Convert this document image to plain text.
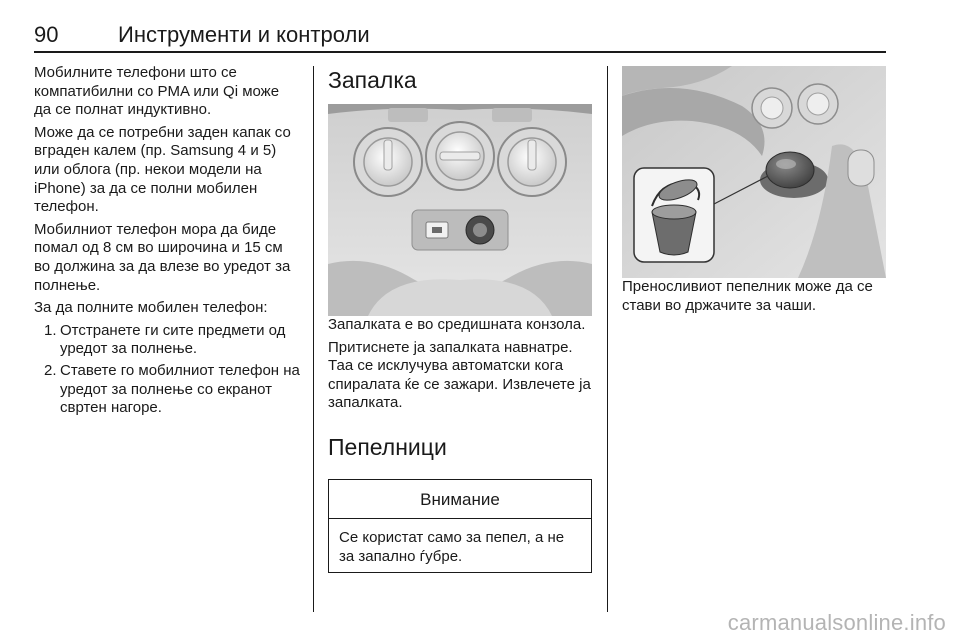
90	Инструменти и контроли

Мобилните телефони што се компатибилни со PMA или Qi може да се полнат индуктивно.

Може да се потребни заден капак со вграден калем (пр. Samsung 4 и 5) или облога (пр. некои модели на iPhone) за да се полни мобилен телефон.

Мобилниот телефон мора да биде помал од 8 см во широчина и 15 см во должина за да влезе во уредот за полнење.

За да полните мобилен телефон:

1. Отстранете ги сите предмети од уредот за полнење.
2. Ставете го мобилниот телефон на уредот за полнење со екранот свртен нагоре.
Запалка

Запалката е во средишната конзола.

Притиснете ја запалката навнатре. Таа се исклучува автоматски кога спиралата ќе се зажари. Извлечете ја запалката.

Пепелници
Внимание
Се користат само за пепел, а не за запално ѓубре.

Преносливиот пепелник може да се стави во држачите за чаши.

carmanualsonline.info
